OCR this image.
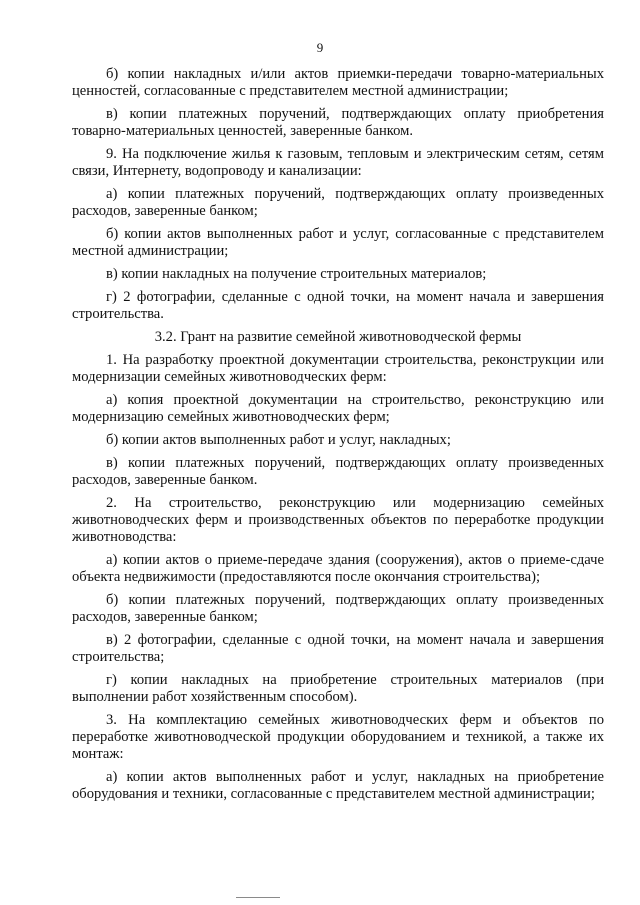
9

б) копии накладных и/или актов приемки-передачи товарно-материальных ценностей, согласованные с представителем местной администрации;

в) копии платежных поручений, подтверждающих оплату приобретения товарно-материальных ценностей, заверенные банком.

9. На подключение жилья к газовым, тепловым и электрическим сетям, сетям связи, Интернету, водопроводу и канализации:

а) копии платежных поручений, подтверждающих оплату произведенных расходов, заверенные банком;

б) копии актов выполненных работ и услуг, согласованные с представителем местной администрации;

в) копии накладных на получение строительных материалов;

г) 2 фотографии, сделанные с одной точки, на момент начала и завершения строительства.

3.2. Грант на развитие семейной животноводческой фермы

1. На разработку проектной документации строительства, реконструкции или модернизации семейных животноводческих ферм:

а) копия проектной документации на строительство, реконструкцию или модернизацию семейных животноводческих ферм;

б) копии актов выполненных работ и услуг, накладных;

в) копии платежных поручений, подтверждающих оплату произведенных расходов, заверенные банком.

2. На строительство, реконструкцию или модернизацию семейных животноводческих ферм и производственных объектов по переработке продукции животноводства:

а) копии актов о приеме-передаче здания (сооружения), актов о приеме-сдаче объекта недвижимости (предоставляются после окончания строительства);

б) копии платежных поручений, подтверждающих оплату произведенных расходов, заверенные банком;

в) 2 фотографии, сделанные с одной точки, на момент начала и завершения строительства;

г) копии накладных на приобретение строительных материалов (при выполнении работ хозяйственным способом).

3. На комплектацию семейных животноводческих ферм и объектов по переработке животноводческой продукции оборудованием и техникой, а также их монтаж:

а) копии актов выполненных работ и услуг, накладных на приобретение оборудования и техники, согласованные с представителем местной администрации;
